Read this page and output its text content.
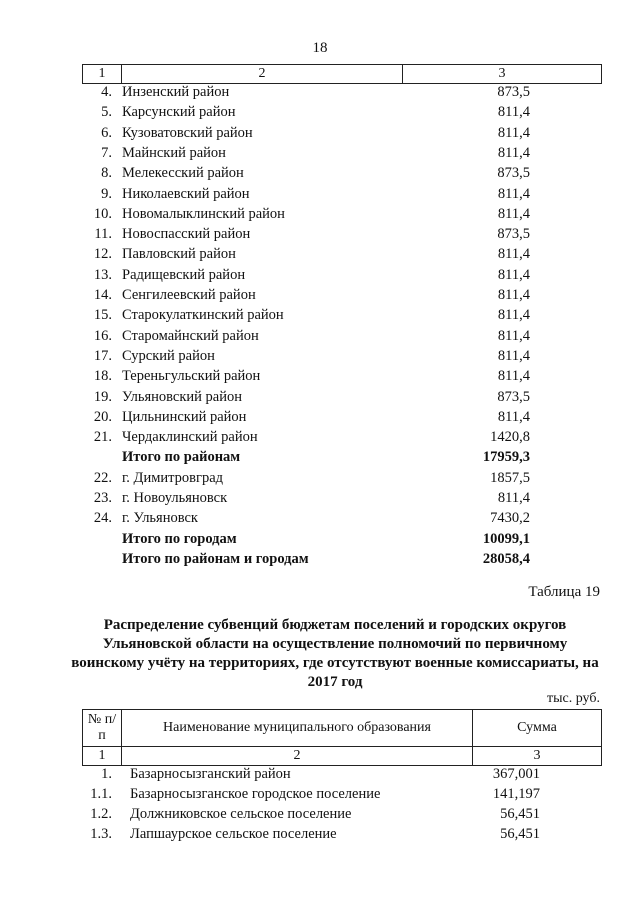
18
1	2	3
4. Инзенский район	873,5
5. Карсунский район	811,4
6. Кузоватовский район	811,4
7. Майнский район	811,4
8. Мелекесский район	873,5
9. Николаевский район	811,4
10. Новомалыклинский район	811,4
11. Новоспасский район	873,5
12. Павловский район	811,4
13. Радищевский район	811,4
14. Сенгилеевский район	811,4
15. Старокулаткинский район	811,4
16. Старомайнский район	811,4
17. Сурский район	811,4
18. Тереньгульский район	811,4
19. Ульяновский район	873,5
20. Цильнинский район	811,4
21. Чердаклинский район	1420,8
Итого по районам	17959,3
22. г. Димитровград	1857,5
23. г. Новоульяновск	811,4
24. г. Ульяновск	7430,2
Итого по городам	10099,1
Итого по районам и городам	28058,4
Таблица 19
Распределение субвенций бюджетам поселений и городских округов Ульяновской области на осуществление полномочий по первичному воинскому учёту на территориях, где отсутствуют военные комиссариаты, на 2017 год
тыс. руб.
№ п/п
Наименование муниципального образования	Сумма
1	2	3
1. Базарносызганский район	367,001
1.1. Базарносызганское городское поселение	141,197
1.2. Должниковское сельское поселение	56,451
1.3. Лапшаурское сельское поселение	56,451
